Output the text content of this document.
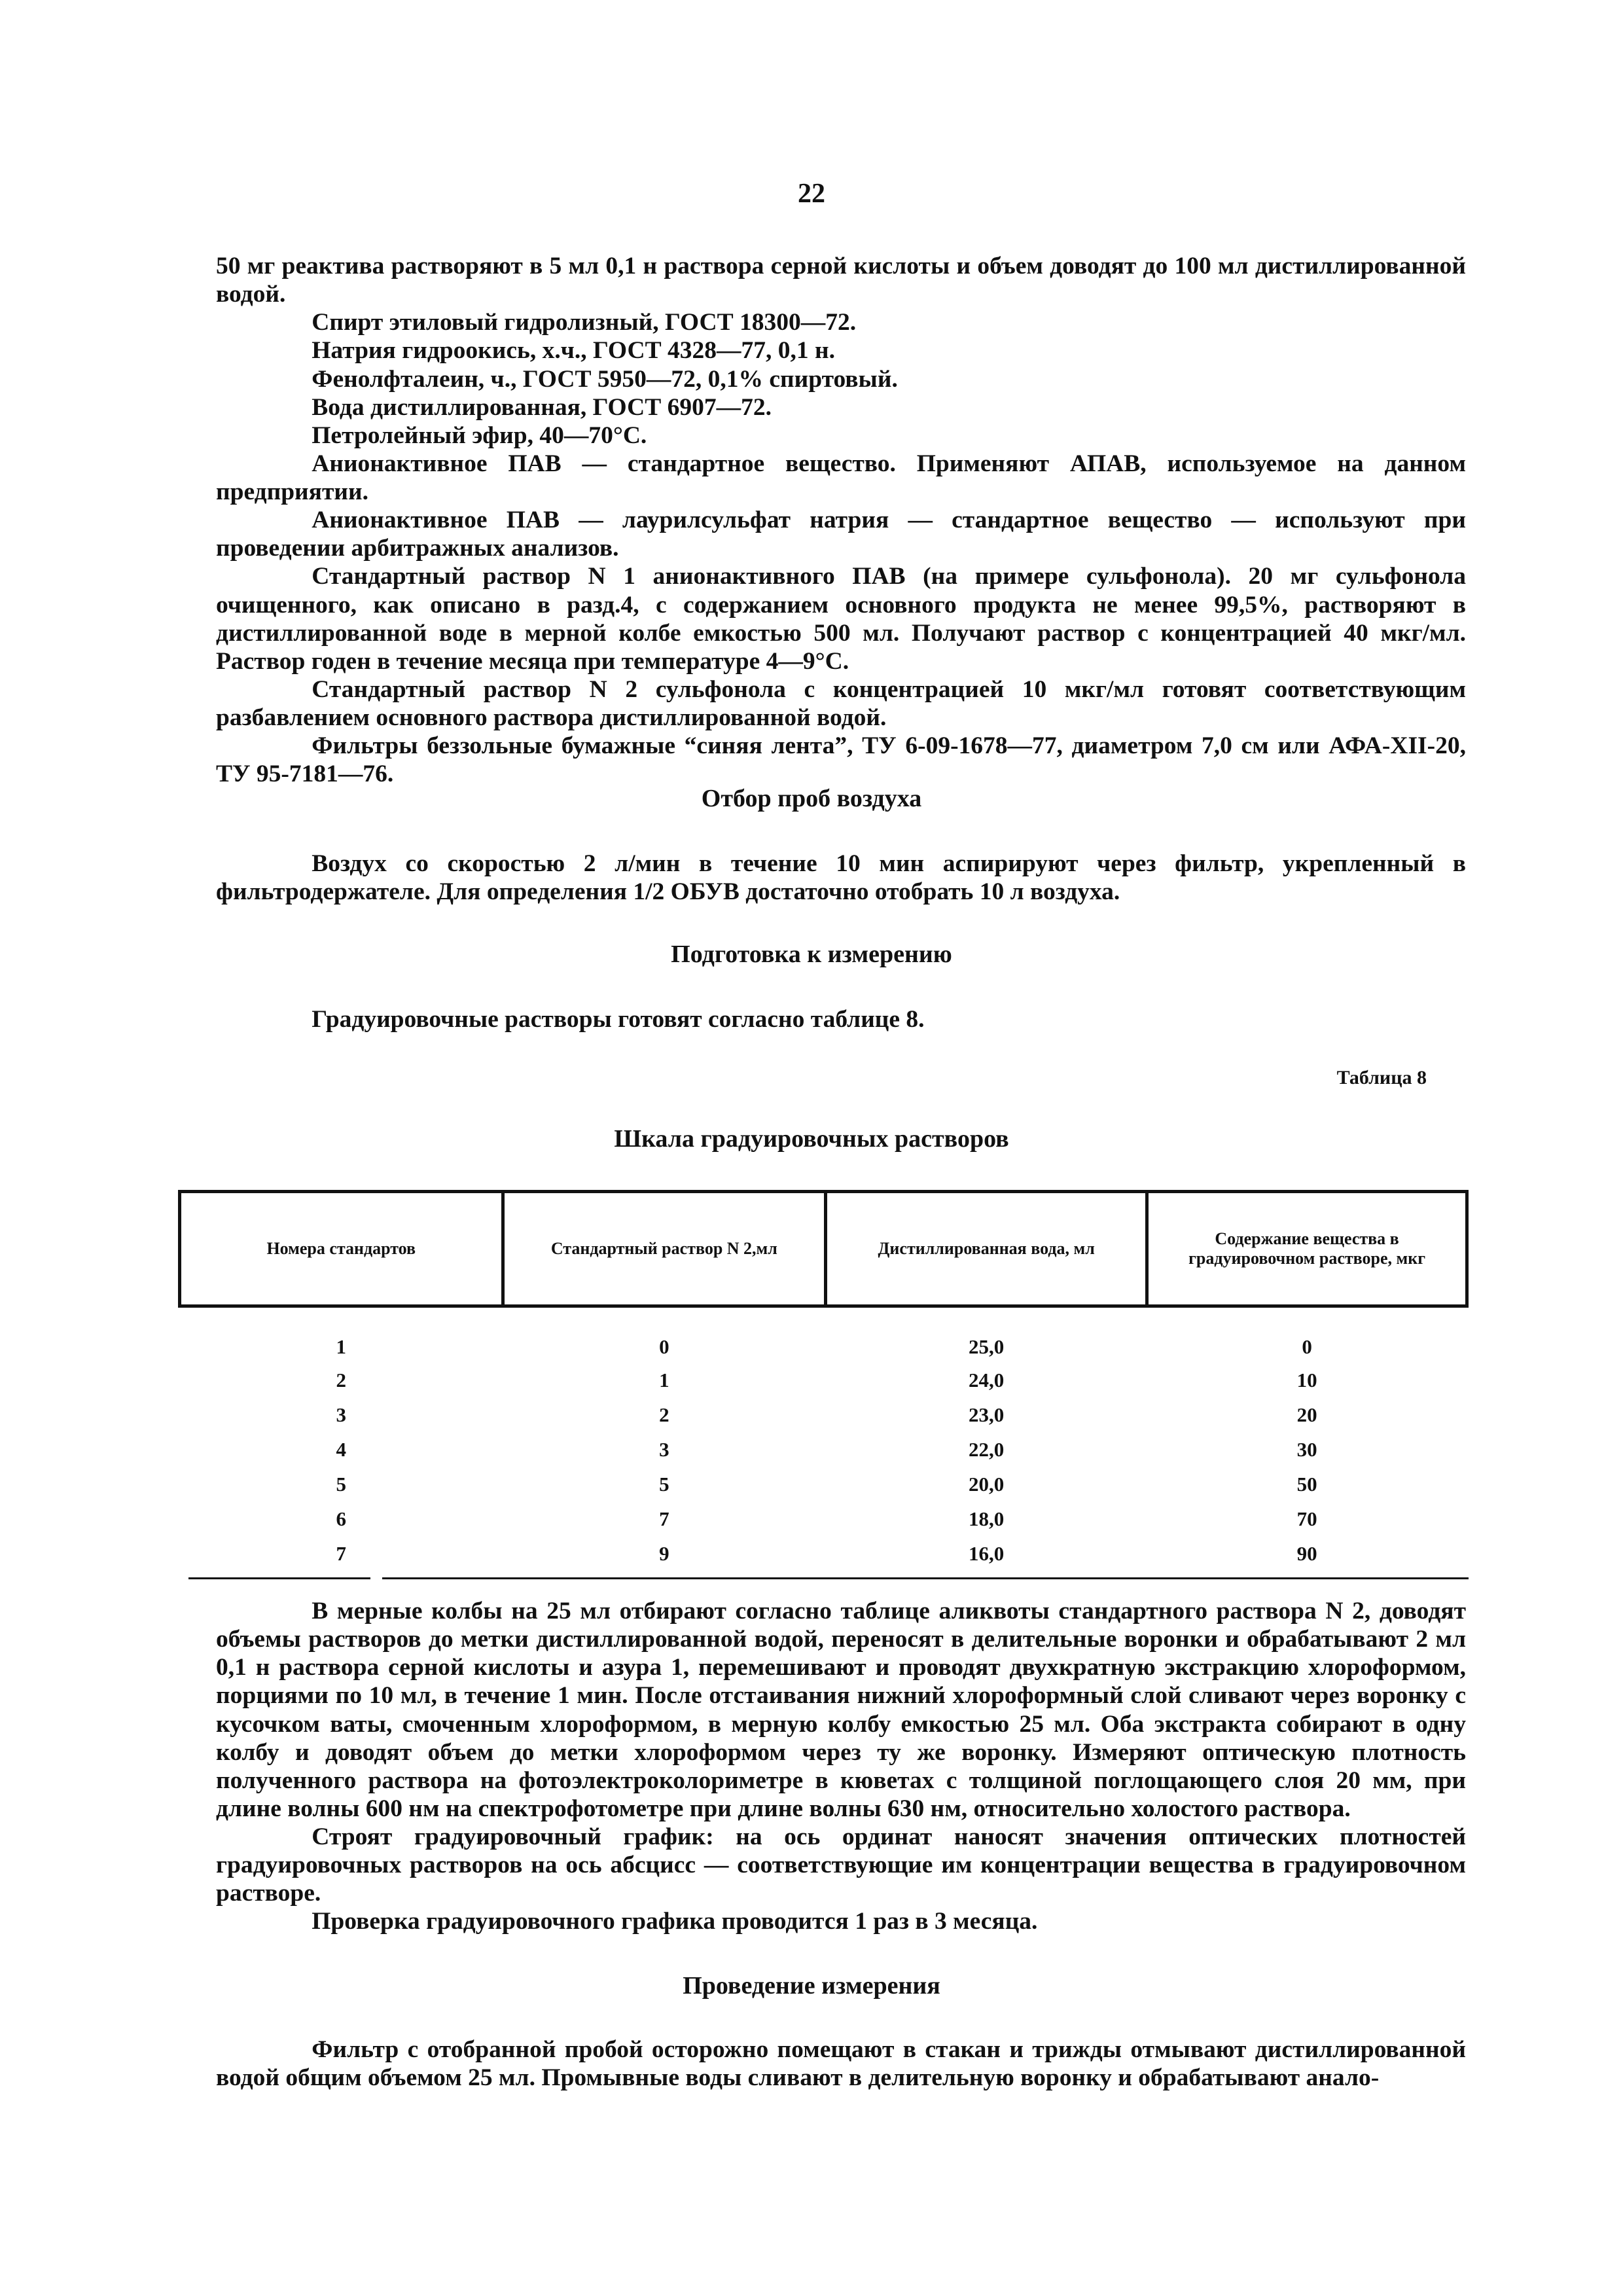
22

50 мг реактива растворяют в 5 мл 0,1 н раствора серной кислоты и объем доводят до 100 мл дистиллированной водой.

Спирт этиловый гидролизный, ГОСТ 18300—72.

Натрия гидроокись, х.ч., ГОСТ 4328—77, 0,1 н.

Фенолфталеин, ч., ГОСТ 5950—72, 0,1% спиртовый.

Вода дистиллированная, ГОСТ 6907—72.

Петролейный эфир, 40—70°С.

Анионактивное ПАВ — стандартное вещество. Применяют АПАВ, используемое на данном предприятии.

Анионактивное ПАВ — лаурилсульфат натрия — стандартное вещество — используют при проведении арбитражных анализов.

Стандартный раствор N 1 анионактивного ПАВ (на примере сульфонола). 20 мг сульфонола очищенного, как описано в разд.4, с содержанием основного продукта не менее 99,5%, растворяют в дистиллированной воде в мерной колбе емкостью 500 мл. Получают раствор с концентрацией 40 мкг/мл. Раствор годен в течение месяца при температуре 4—9°С.

Стандартный раствор N 2 сульфонола с концентрацией 10 мкг/мл готовят соответствующим разбавлением основного раствора дистиллированной водой.

Фильтры беззольные бумажные “синяя лента”, ТУ 6-09-1678—77, диаметром 7,0 см или АФА-XII-20, ТУ 95-7181—76.

Отбор проб воздуха

Воздух со скоростью 2 л/мин в течение 10 мин аспирируют через фильтр, укрепленный в фильтродержателе. Для определения 1/2 ОБУВ достаточно отобрать 10 л воздуха.

Подготовка к измерению

Градуировочные растворы готовят согласно таблице 8.

Таблица 8
Шкала градуировочных растворов
Номера стандартов	Стандартный раствор N 2,мл	Дистиллированная вода, мл	Содержание вещества в градуировочном растворе, мкг
1	0	25,0	0
2	1	24,0	10
3	2	23,0	20
4	3	22,0	30
5	5	20,0	50
6	7	18,0	70
7	9	16,0	90

В мерные колбы на 25 мл отбирают согласно таблице аликвоты стандартного раствора N 2, доводят объемы растворов до метки дистиллированной водой, переносят в делительные воронки и обрабатывают 2 мл 0,1 н раствора серной кислоты и азура 1, перемешивают и проводят двухкратную экстракцию хлороформом, порциями по 10 мл, в течение 1 мин. После отстаивания нижний хлороформный слой сливают через воронку с кусочком ваты, смоченным хлороформом, в мерную колбу емкостью 25 мл. Оба экстракта собирают в одну колбу и доводят объем до метки хлороформом через ту же воронку. Измеряют оптическую плотность полученного раствора на фотоэлектроколориметре в кюветах с толщиной поглощающего слоя 20 мм, при длине волны 600 нм на спектрофотометре при длине волны 630 нм, относительно холостого раствора.

Строят градуировочный график: на ось ординат наносят значения оптических плотностей градуировочных растворов на ось абсцисс — соответствующие им концентрации вещества в градуировочном растворе.

Проверка градуировочного графика проводится 1 раз в 3 месяца.

Проведение измерения

Фильтр с отобранной пробой осторожно помещают в стакан и трижды отмывают дистиллированной водой общим объемом 25 мл. Промывные воды сливают в делительную воронку и обрабатывают анало-
